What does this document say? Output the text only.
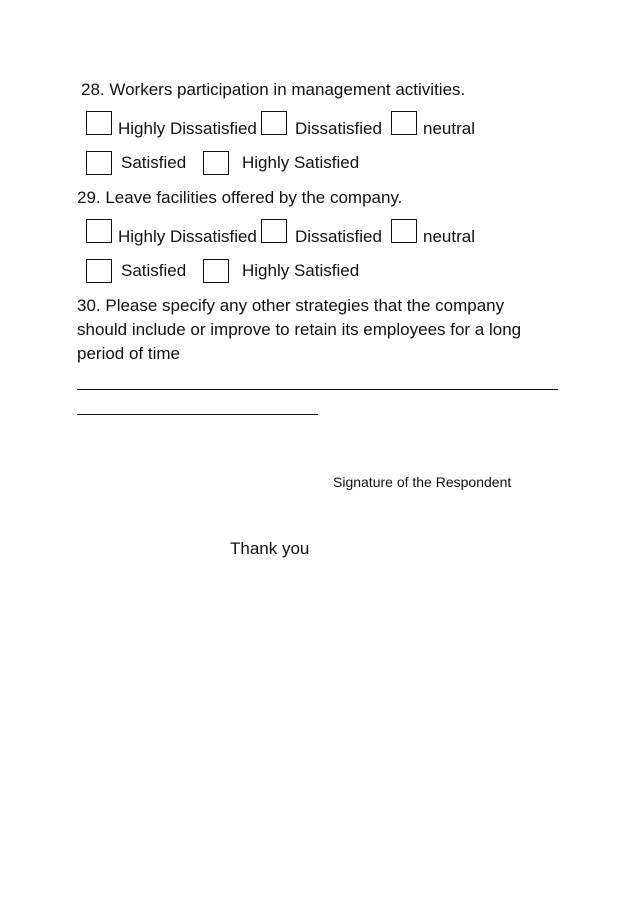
28. Workers participation in management activities.
Highly Dissatisfied Dissatisfied neutral
Satisfied	Highly Satisfied
29. Leave facilities offered by the company.
Highly Dissatisfied Dissatisfied neutral
Satisfied	Highly Satisfied
30. Please specify any other strategies that the company should include or improve to retain its employees for a long period of time
Signature of the Respondent
Thank you
